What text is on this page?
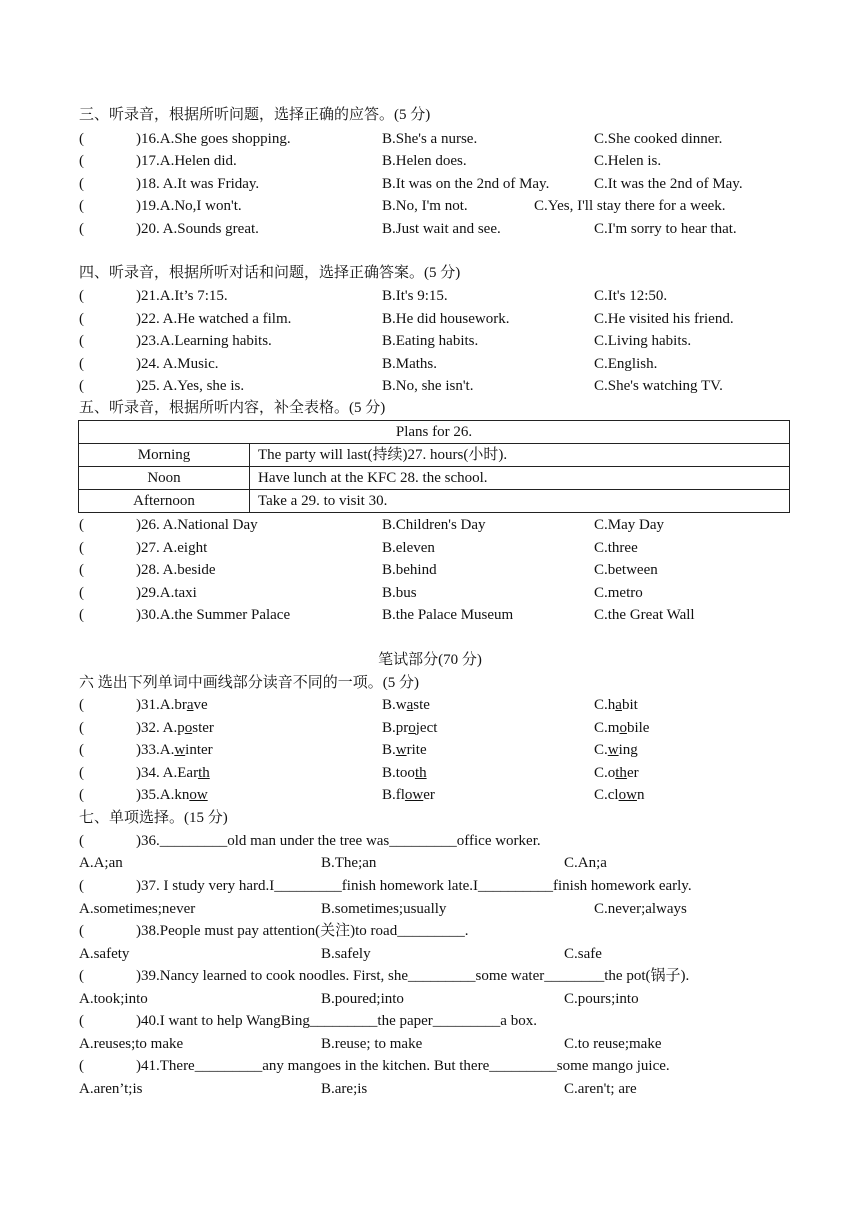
三、听录音，根据所听问题，选择正确的应答。(5 分)
(	)16.A.She goes shopping.	B.She's a nurse.	C.She cooked dinner.
(	)17.A.Helen did.	B.Helen does.	C.Helen is.
(	)18. A.It was Friday.	B.It was on the 2nd of May.	C.It was the 2nd of May.
(	)19.A.No,I won't.	B.No, I'm not.	C.Yes, I'll stay there for a week.
(	)20. A.Sounds great.	B.Just wait and see.	C.I'm sorry to hear that.
四、听录音，根据所听对话和问题，选择正确答案。(5 分)
(	)21.A.It’s 7:15.	B.It's 9:15.	C.It's 12:50.
(	)22. A.He watched a film.	B.He did housework.	C.He visited his friend.
(	)23.A.Learning habits.	B.Eating habits.	C.Living habits.
(	)24. A.Music.	B.Maths.	C.English.
(	)25. A.Yes, she is.	B.No, she isn't.	C.She's watching TV.
五、听录音，根据所听内容，补全表格。(5 分)
Plans for 26.	
Morning	The party will last(持续)27. hours(小时).
Noon	Have lunch at the KFC 28. the school.
Afternoon	Take a 29. to visit 30.
(	)26. A.National Day	B.Children's Day	C.May Day
(	)27. A.eight	B.eleven	C.three
(	)28. A.beside	B.behind	C.between
(	)29.A.taxi	B.bus	C.metro
(	)30.A.the Summer Palace	B.the Palace Museum	C.the Great Wall
笔试部分(70 分)
六 选出下列单词中画线部分读音不同的一项。(5 分)
(	)31.A.brave	B.waste	C.habit
(	)32. A.poster	B.project	C.mobile
(	)33.A.winter	B.write	C.wing
(	)34. A.Earth	B.tooth	C.other
(	)35.A.know	B.flower	C.clown
七、单项选择。(15 分)
(	)36._________old man under the tree was_________office worker.
A.A;an	B.The;an	C.An;a
(	)37. I study very hard.I_________finish homework late.I__________finish homework early.
A.sometimes;never	B.sometimes;usually	C.never;always
(	)38.People must pay attention(关注)to road_________.
A.safety	B.safely	C.safe
(	)39.Nancy learned to cook noodles. First, she_________some water________the pot(锅子).
A.took;into	B.poured;into	C.pours;into
(	)40.I want to help WangBing_________the paper_________a box.
A.reuses;to make	B.reuse; to make	C.to reuse;make
(	)41.There_________any mangoes in the kitchen. But there_________some mango juice.
A.aren’t;is	B.are;is	C.aren't; are
